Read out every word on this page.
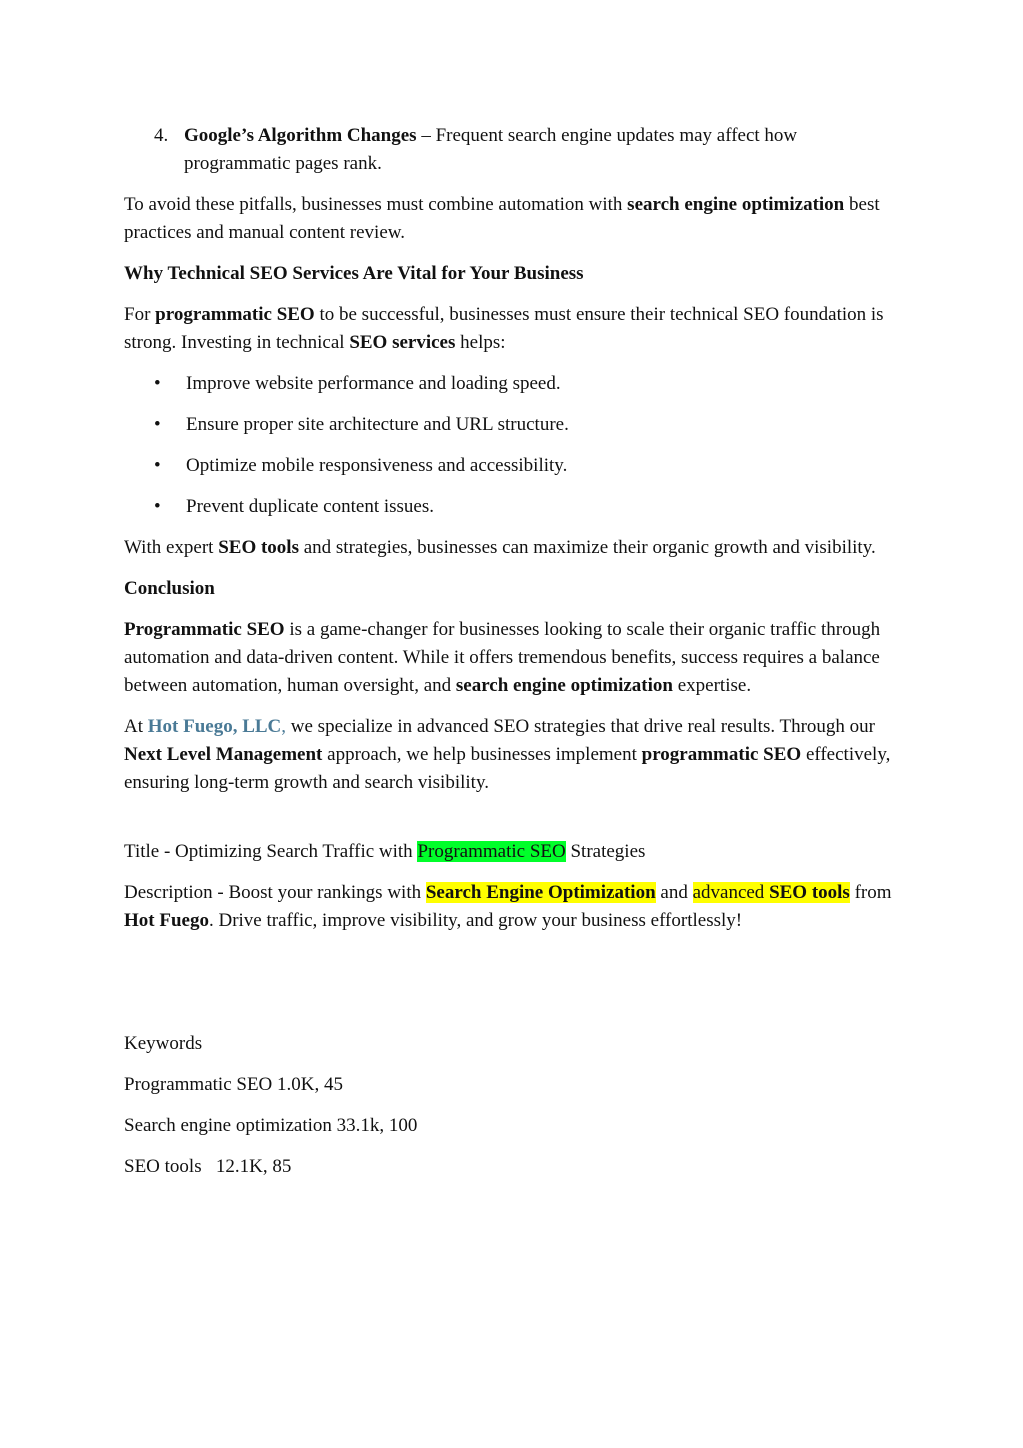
4. Google’s Algorithm Changes – Frequent search engine updates may affect how programmatic pages rank.

To avoid these pitfalls, businesses must combine automation with search engine optimization best practices and manual content review.

Why Technical SEO Services Are Vital for Your Business

For programmatic SEO to be successful, businesses must ensure their technical SEO foundation is strong. Investing in technical SEO services helps:

•	Improve website performance and loading speed.
•	Ensure proper site architecture and URL structure.
•	Optimize mobile responsiveness and accessibility.
•	Prevent duplicate content issues.

With expert SEO tools and strategies, businesses can maximize their organic growth and visibility.

Conclusion

Programmatic SEO is a game-changer for businesses looking to scale their organic traffic through automation and data-driven content. While it offers tremendous benefits, success requires a balance between automation, human oversight, and search engine optimization expertise.

At Hot Fuego, LLC, we specialize in advanced SEO strategies that drive real results. Through our Next Level Management approach, we help businesses implement programmatic SEO effectively, ensuring long-term growth and search visibility.

Title - Optimizing Search Traffic with Programmatic SEO Strategies

Description - Boost your rankings with Search Engine Optimization and advanced SEO tools from Hot Fuego. Drive traffic, improve visibility, and grow your business effortlessly!

Keywords

Programmatic SEO 1.0K, 45

Search engine optimization 33.1k, 100

SEO tools   12.1K, 85
